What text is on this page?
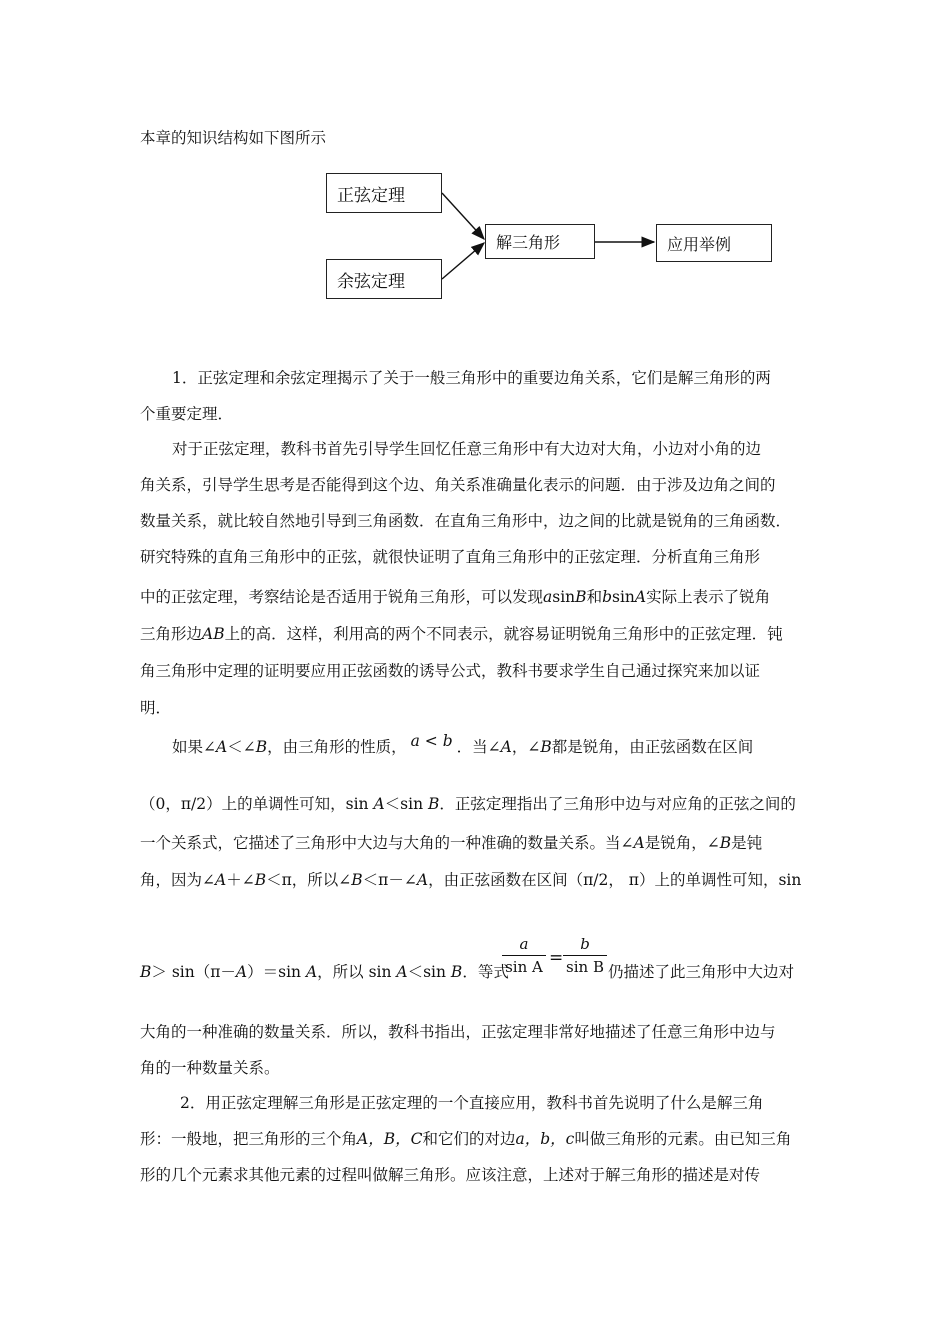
本章的知识结构如下图所示
正弦定理
余弦定理
解三角形	应用举例
1．正弦定理和余弦定理揭示了关于一般三角形中的重要边角关系，它们是解三角形的两
个重要定理．
对于正弦定理，教科书首先引导学生回忆任意三角形中有大边对大角，小边对小角的边
角关系，引导学生思考是否能得到这个边、角关系准确量化表示的问题．由于涉及边角之间的
数量关系，就比较自然地引导到三角函数．在直角三角形中，边之间的比就是锐角的三角函数．
研究特殊的直角三角形中的正弦，就很快证明了直角三角形中的正弦定理．分析直角三角形
中的正弦定理，考察结论是否适用于锐角三角形，可以发现asinB和bsinA实际上表示了锐角
三角形边AB上的高．这样，利用高的两个不同表示，就容易证明锐角三角形中的正弦定理．钝
角三角形中定理的证明要应用正弦函数的诱导公式，教科书要求学生自己通过探究来加以证
明．
如果∠A＜∠B，由三角形的性质， a < b ．当∠A，∠B都是锐角，由正弦函数在区间
（0，π/2）上的单调性可知，sin A＜sin B．正弦定理指出了三角形中边与对应角的正弦之间的
一个关系式，它描述了三角形中大边与大角的一种准确的数量关系。当∠A是锐角，∠B是钝
角，因为∠A＋∠B＜π，所以∠B＜π－∠A，由正弦函数在区间（π/2， π）上的单调性可知，sin
B＞ sin（π－A）＝sin A，所以 sin A＜sin B．等式
a
sin A =
b
sin B 仍描述了此三角形中大边对
大角的一种准确的数量关系．所以，教科书指出，正弦定理非常好地描述了任意三角形中边与
角的一种数量关系。
2．用正弦定理解三角形是正弦定理的一个直接应用，教科书首先说明了什么是解三角
形：一般地，把三角形的三个角A，B，C和它们的对边a，b，c叫做三角形的元素。由已知三角
形的几个元素求其他元素的过程叫做解三角形。应该注意，上述对于解三角形的描述是对传
